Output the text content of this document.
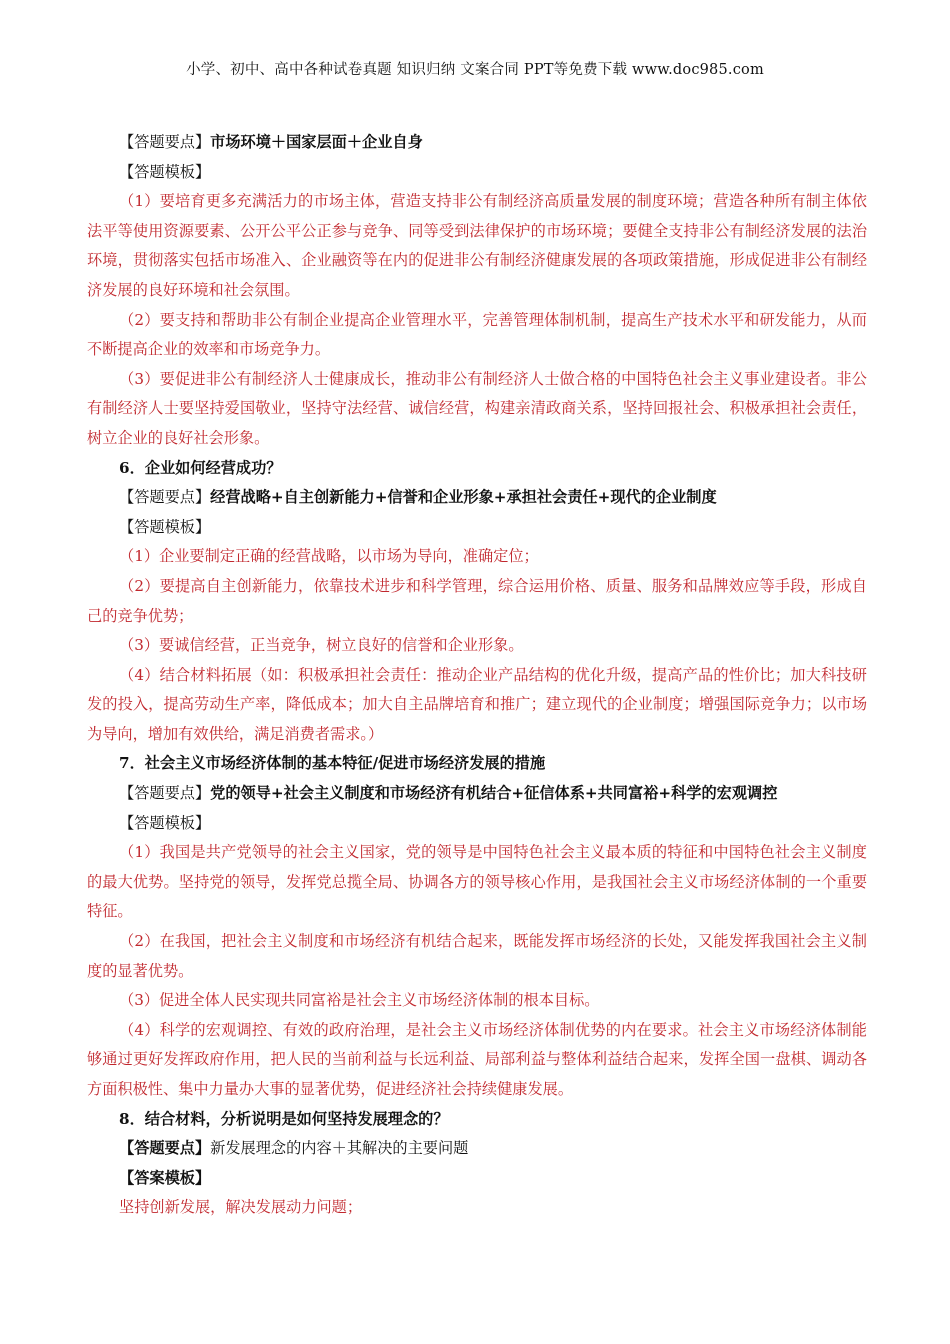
小学、初中、高中各种试卷真题 知识归纳 文案合同 PPT等免费下载 www.doc985.com

【答题要点】市场环境＋国家层面＋企业自身

【答题模板】

（1）要培育更多充满活力的市场主体，营造支持非公有制经济高质量发展的制度环境；营造各种所有制主体依法平等使用资源要素、公开公平公正参与竞争、同等受到法律保护的市场环境；要健全支持非公有制经济发展的法治环境，贯彻落实包括市场准入、企业融资等在内的促进非公有制经济健康发展的各项政策措施，形成促进非公有制经济发展的良好环境和社会氛围。

（2）要支持和帮助非公有制企业提高企业管理水平，完善管理体制机制，提高生产技术水平和研发能力，从而不断提高企业的效率和市场竞争力。

（3）要促进非公有制经济人士健康成长，推动非公有制经济人士做合格的中国特色社会主义事业建设者。非公有制经济人士要坚持爱国敬业，坚持守法经营、诚信经营，构建亲清政商关系，坚持回报社会、积极承担社会责任，树立企业的良好社会形象。

6．企业如何经营成功？

【答题要点】经营战略+自主创新能力+信誉和企业形象+承担社会责任+现代的企业制度

【答题模板】

（1）企业要制定正确的经营战略，以市场为导向，准确定位；

（2）要提高自主创新能力，依靠技术进步和科学管理，综合运用价格、质量、服务和品牌效应等手段，形成自己的竞争优势；

（3）要诚信经营，正当竞争，树立良好的信誉和企业形象。

（4）结合材料拓展（如：积极承担社会责任：推动企业产品结构的优化升级，提高产品的性价比；加大科技研发的投入，提高劳动生产率，降低成本；加大自主品牌培育和推广；建立现代的企业制度；增强国际竞争力；以市场为导向，增加有效供给，满足消费者需求。）

7．社会主义市场经济体制的基本特征/促进市场经济发展的措施

【答题要点】党的领导+社会主义制度和市场经济有机结合+征信体系+共同富裕+科学的宏观调控

【答题模板】

（1）我国是共产党领导的社会主义国家，党的领导是中国特色社会主义最本质的特征和中国特色社会主义制度的最大优势。坚持党的领导，发挥党总揽全局、协调各方的领导核心作用，是我国社会主义市场经济体制的一个重要特征。

（2）在我国，把社会主义制度和市场经济有机结合起来，既能发挥市场经济的长处，又能发挥我国社会主义制度的显著优势。

（3）促进全体人民实现共同富裕是社会主义市场经济体制的根本目标。

（4）科学的宏观调控、有效的政府治理，是社会主义市场经济体制优势的内在要求。社会主义市场经济体制能够通过更好发挥政府作用，把人民的当前利益与长远利益、局部利益与整体利益结合起来，发挥全国一盘棋、调动各方面积极性、集中力量办大事的显著优势，促进经济社会持续健康发展。

8．结合材料，分析说明是如何坚持发展理念的？

【答题要点】新发展理念的内容＋其解决的主要问题

【答案模板】

坚持创新发展，解决发展动力问题；
